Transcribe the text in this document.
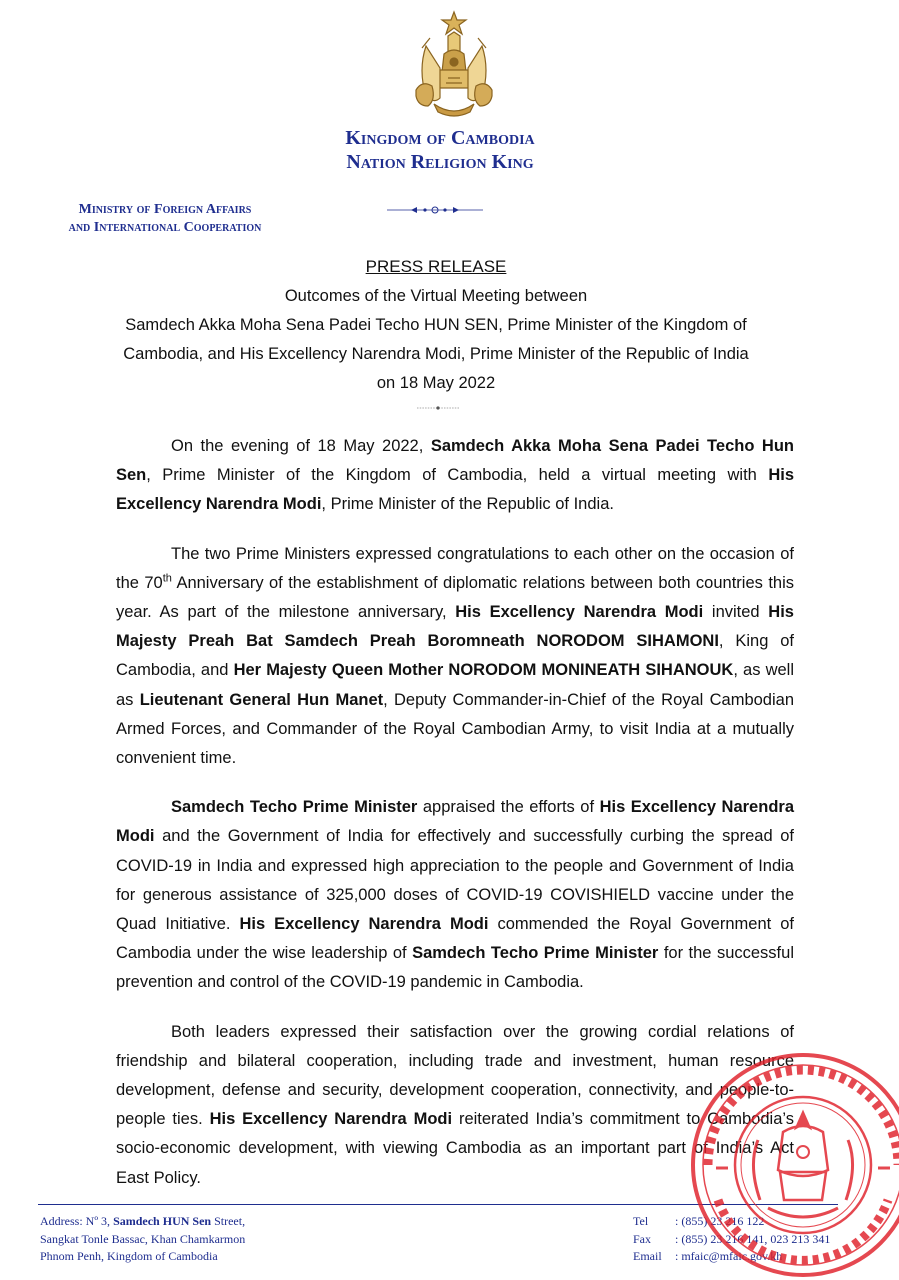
Kingdom of Cambodia
Nation Religion King
Ministry of Foreign Affairs
and International Cooperation
PRESS RELEASE
Outcomes of the Virtual Meeting between
Samdech Akka Moha Sena Padei Techo HUN SEN, Prime Minister of the Kingdom of
Cambodia, and His Excellency Narendra Modi, Prime Minister of the Republic of India
on 18 May 2022

On the evening of 18 May 2022, Samdech Akka Moha Sena Padei Techo Hun Sen, Prime Minister of the Kingdom of Cambodia, held a virtual meeting with His Excellency Narendra Modi, Prime Minister of the Republic of India.

The two Prime Ministers expressed congratulations to each other on the occasion of the 70th Anniversary of the establishment of diplomatic relations between both countries this year. As part of the milestone anniversary, His Excellency Narendra Modi invited His Majesty Preah Bat Samdech Preah Boromneath NORODOM SIHAMONI, King of Cambodia, and Her Majesty Queen Mother NORODOM MONINEATH SIHANOUK, as well as Lieutenant General Hun Manet, Deputy Commander-in-Chief of the Royal Cambodian Armed Forces, and Commander of the Royal Cambodian Army, to visit India at a mutually convenient time.

Samdech Techo Prime Minister appraised the efforts of His Excellency Narendra Modi and the Government of India for effectively and successfully curbing the spread of COVID-19 in India and expressed high appreciation to the people and Government of India for generous assistance of 325,000 doses of COVID-19 COVISHIELD vaccine under the Quad Initiative. His Excellency Narendra Modi commended the Royal Government of Cambodia under the wise leadership of Samdech Techo Prime Minister for the successful prevention and control of the COVID-19 pandemic in Cambodia.

Both leaders expressed their satisfaction over the growing cordial relations of friendship and bilateral cooperation, including trade and investment, human resource development, defense and security, development cooperation, connectivity, and people-to-people ties. His Excellency Narendra Modi reiterated India’s commitment to Cambodia’s socio-economic development, with viewing Cambodia as an important part of India’s Act East Policy.

Address: Nº 3, Samdech HUN Sen Street,
Sangkat Tonle Bassac, Khan Chamkarmon
Phnom Penh, Kingdom of Cambodia
Tel	: (855) 23 216 122
Fax	: (855) 23 216 141, 023 213 341
Email	: mfaic@mfaic.gov.kh
